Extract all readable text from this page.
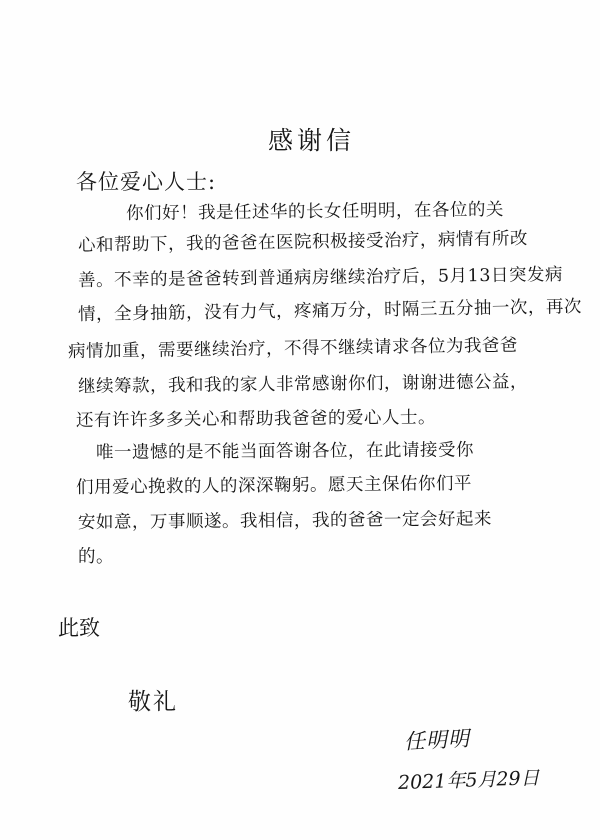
感谢信
各位爱心人士:
你们好！我是任述华的长女任明明，在各位的关
心和帮助下，我的爸爸在医院积极接受治疗，病情有所改
善。不幸的是爸爸转到普通病房继续治疗后，5月13日突发病
情，全身抽筋，没有力气，疼痛万分，时隔三五分抽一次，再次
病情加重，需要继续治疗，不得不继续请求各位为我爸爸
继续筹款，我和我的家人非常感谢你们，谢谢进德公益，
还有许许多多关心和帮助我爸爸的爱心人士。
唯一遗憾的是不能当面答谢各位，在此请接受你
们用爱心挽救的人的深深鞠躬。愿天主保佑你们平
安如意，万事顺遂。我相信，我的爸爸一定会好起来
的。
此致
敬礼
任明明
2021年5月29日
